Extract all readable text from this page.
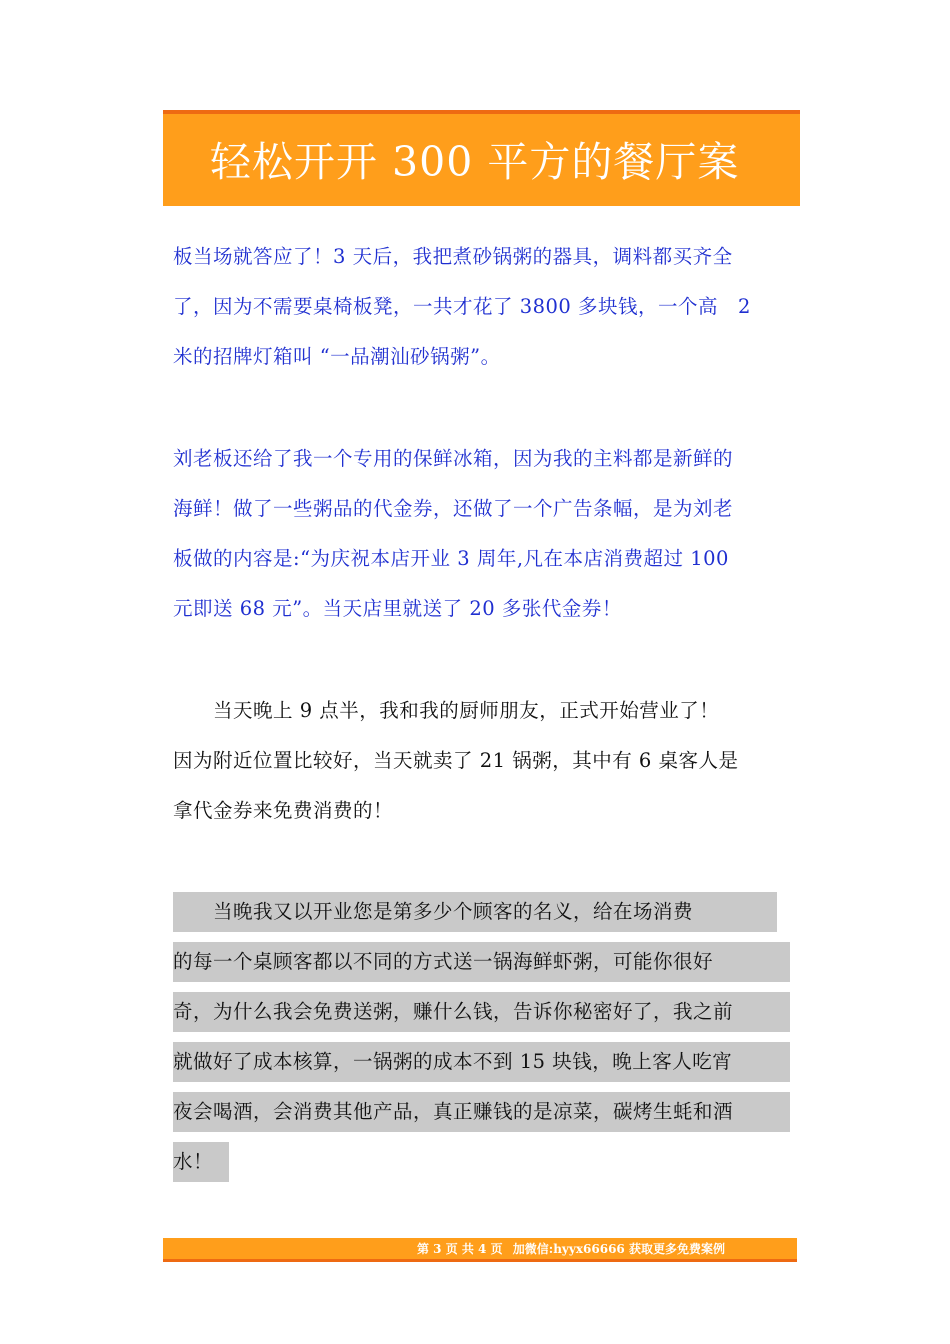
轻松开开 300 平方的餐厅案
板当场就答应了！3 天后，我把煮砂锅粥的器具，调料都买齐全
了，因为不需要桌椅板凳，一共才花了 3800 多块钱，一个高　2
米的招牌灯箱叫 “一品潮汕砂锅粥”。
刘老板还给了我一个专用的保鲜冰箱，因为我的主料都是新鲜的
海鲜！做了一些粥品的代金券，还做了一个广告条幅，是为刘老
板做的内容是:“为庆祝本店开业 3 周年,凡在本店消费超过 100
元即送 68 元”。当天店里就送了 20 多张代金券！
　　当天晚上 9 点半，我和我的厨师朋友，正式开始营业了！
因为附近位置比较好，当天就卖了 21 锅粥，其中有 6 桌客人是
拿代金券来免费消费的！
　　当晚我又以开业您是第多少个顾客的名义，给在场消费 的每一个桌顾客都以不同的方式送一锅海鲜虾粥，可能你很好 奇，为什么我会免费送粥，赚什么钱，告诉你秘密好了，我之前 就做好了成本核算，一锅粥的成本不到 15 块钱，晚上客人吃宵 夜会喝酒，会消费其他产品，真正赚钱的是凉菜，碳烤生蚝和酒 水！

第 3 页 共 4 页 加微信:hyyx66666 获取更多免费案例
